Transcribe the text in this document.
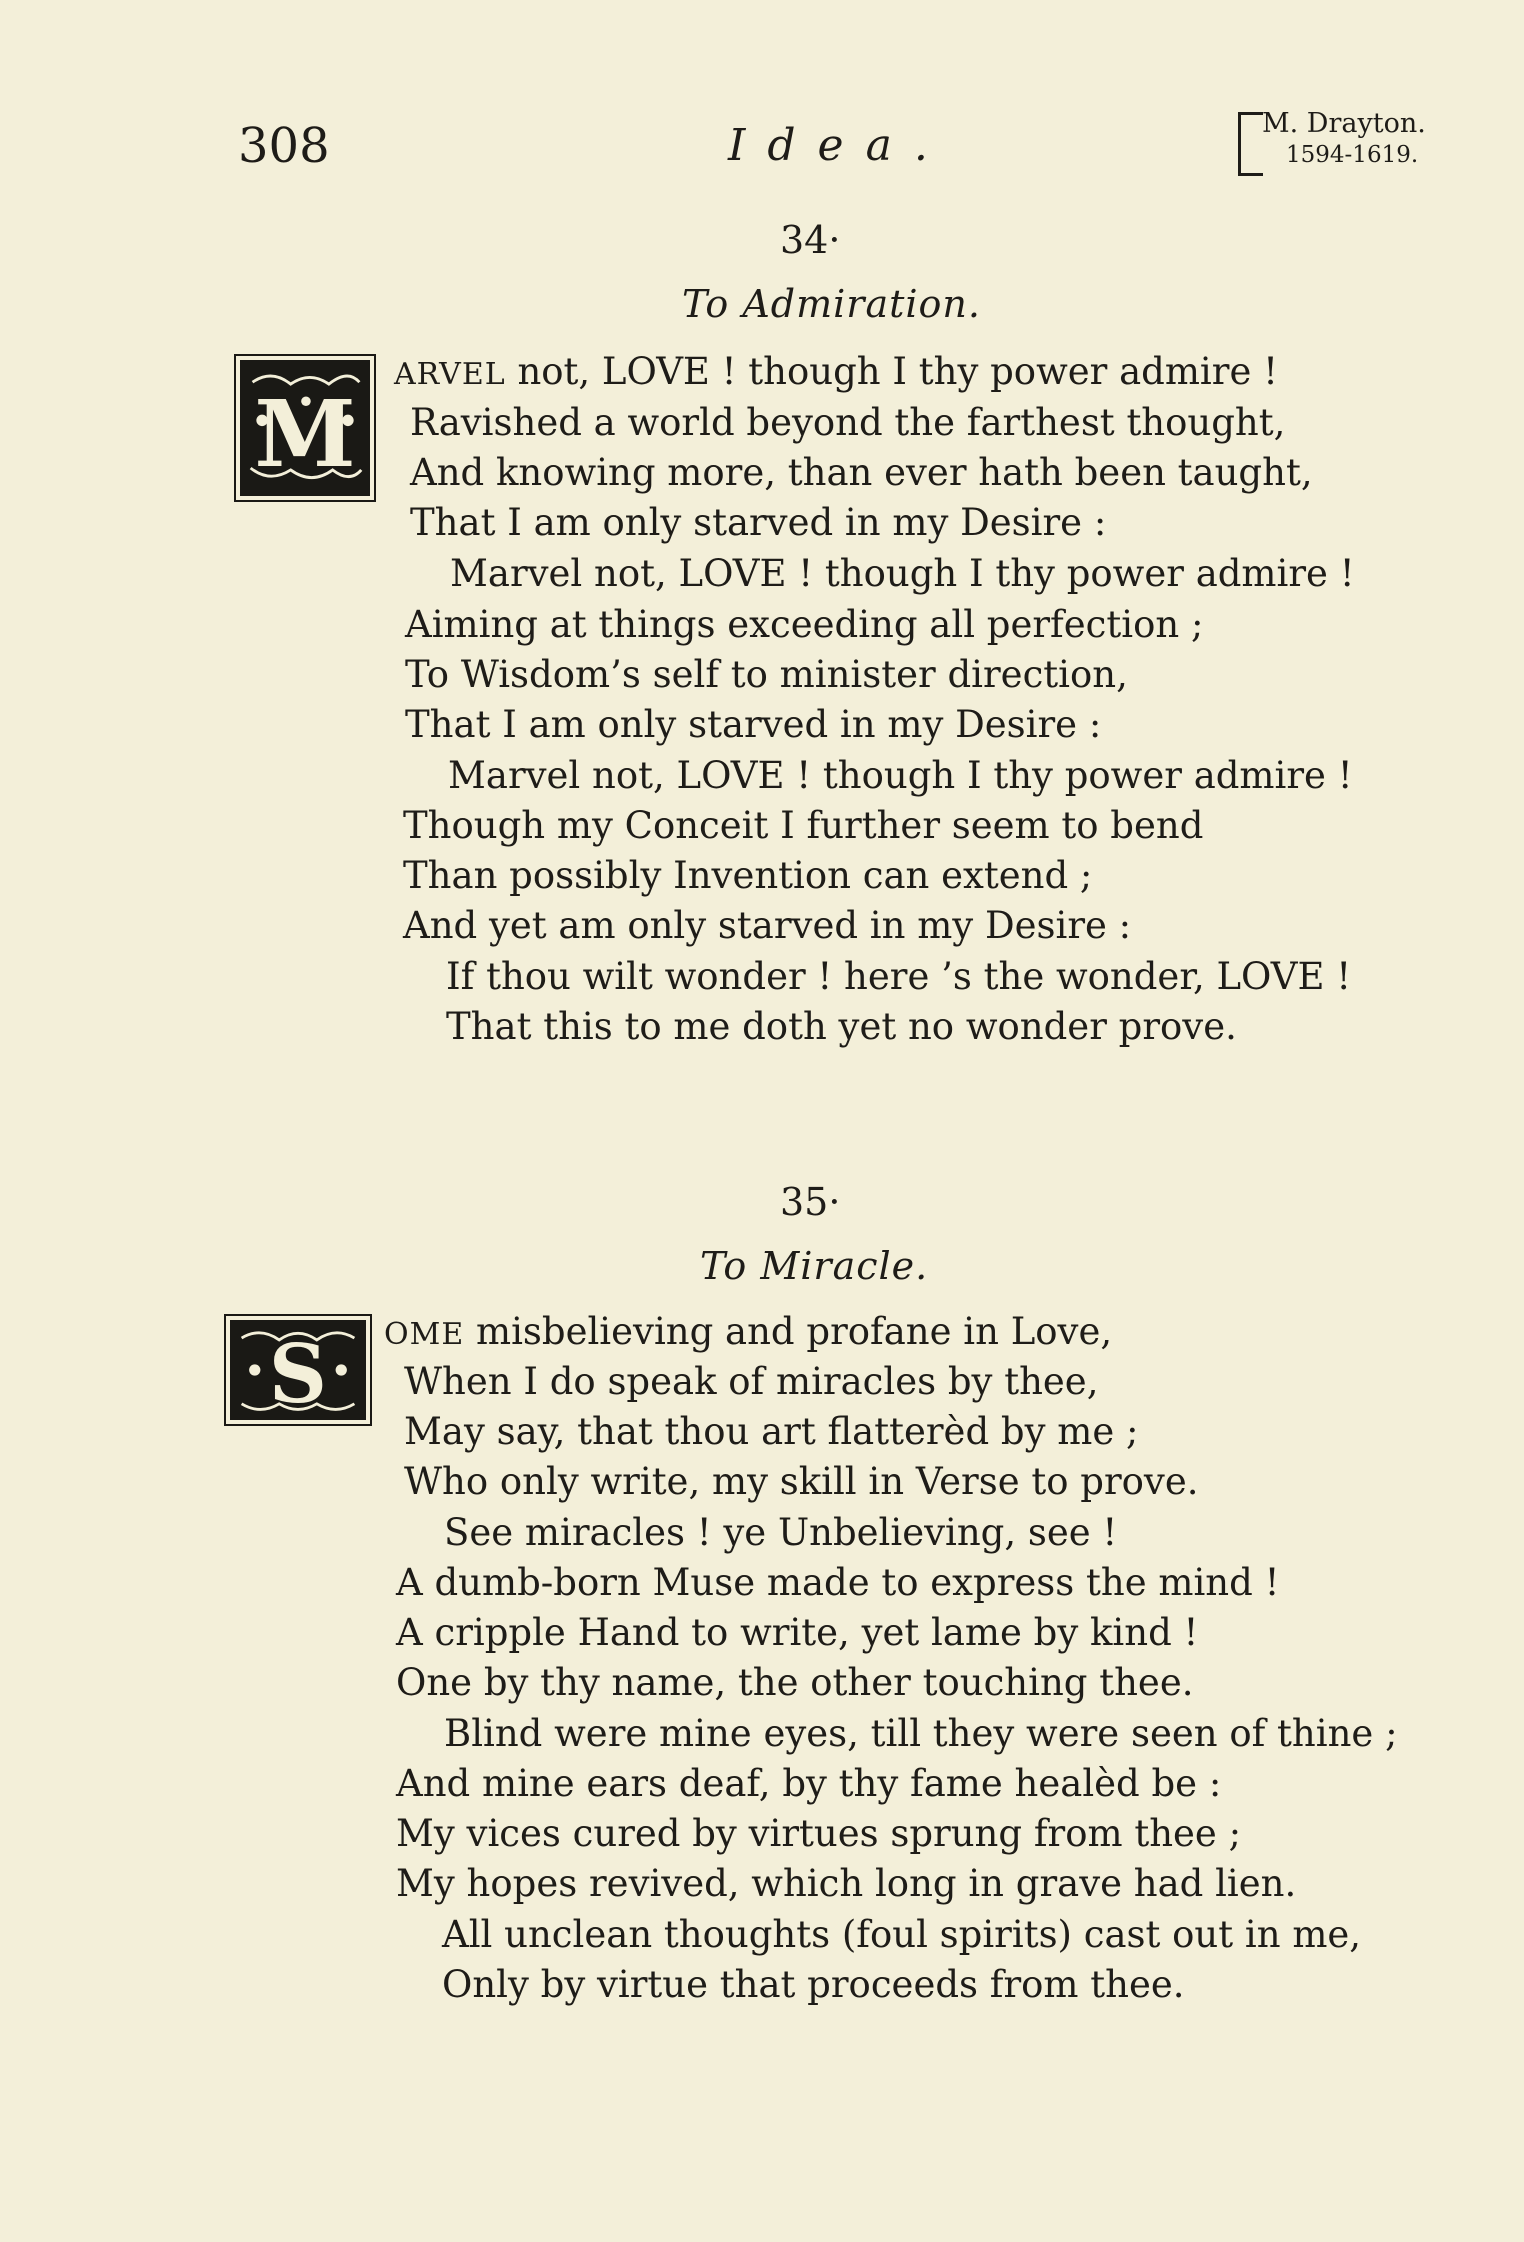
308	Idea.	M. Drayton.
1594-1619.
34·
To Admiration.
M
ARVEL not, LOVE ! though I thy power admire !
Ravished a world beyond the farthest thought,
And knowing more, than ever hath been taught,
That I am only starved in my Desire :
Marvel not, LOVE ! though I thy power admire !
Aiming at things exceeding all perfection ;
To Wisdom’s self to minister direction,
That I am only starved in my Desire :
Marvel not, LOVE ! though I thy power admire !
Though my Conceit I further seem to bend
Than possibly Invention can extend ;
And yet am only starved in my Desire :
If thou wilt wonder ! here ’s the wonder, LOVE !
That this to me doth yet no wonder prove.
35·
To Miracle.
S OME misbelieving and profane in Love,
When I do speak of miracles by thee,
May say, that thou art flatterèd by me ;
Who only write, my skill in Verse to prove.
See miracles ! ye Unbelieving, see !
A dumb-born Muse made to express the mind !
A cripple Hand to write, yet lame by kind !
One by thy name, the other touching thee.
Blind were mine eyes, till they were seen of thine ;
And mine ears deaf, by thy fame healèd be :
My vices cured by virtues sprung from thee ;
My hopes revived, which long in grave had lien.
All unclean thoughts (foul spirits) cast out in me,
Only by virtue that proceeds from thee.
